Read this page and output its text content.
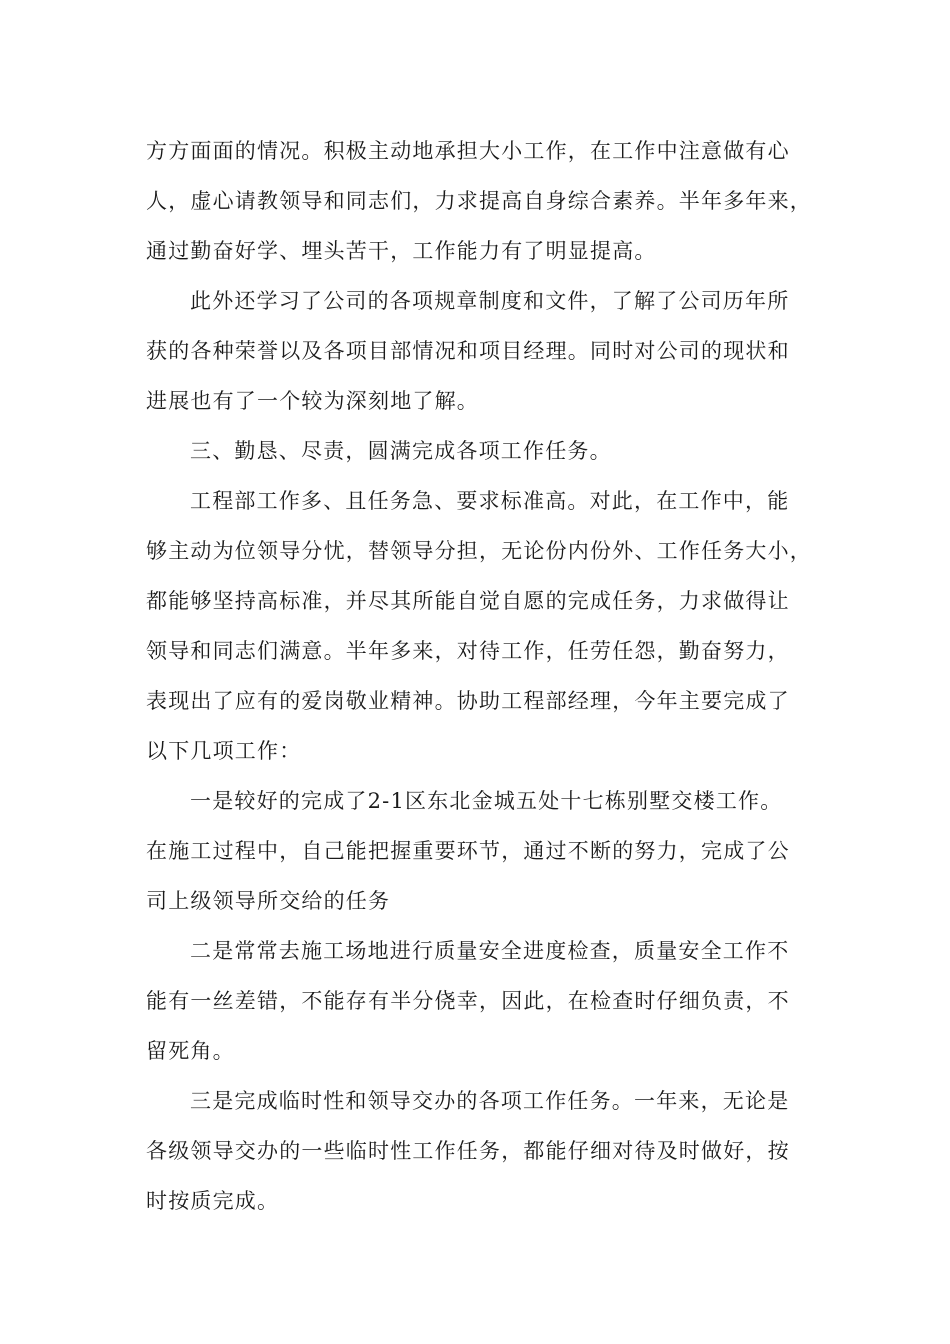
方方面面的情况。积极主动地承担大小工作，在工作中注意做有心
人，虚心请教领导和同志们，力求提高自身综合素养。半年多年来，
通过勤奋好学、埋头苦干，工作能力有了明显提高。
此外还学习了公司的各项规章制度和文件，了解了公司历年所
获的各种荣誉以及各项目部情况和项目经理。同时对公司的现状和
进展也有了一个较为深刻地了解。
三、勤恳、尽责，圆满完成各项工作任务。
工程部工作多、且任务急、要求标准高。对此，在工作中，能
够主动为位领导分忧，替领导分担，无论份内份外、工作任务大小，
都能够坚持高标准，并尽其所能自觉自愿的完成任务，力求做得让
领导和同志们满意。半年多来，对待工作，任劳任怨，勤奋努力，
表现出了应有的爱岗敬业精神。协助工程部经理，今年主要完成了
以下几项工作：
一是较好的完成了2-1区东北金城五处十七栋别墅交楼工作。
在施工过程中，自己能把握重要环节，通过不断的努力，完成了公
司上级领导所交给的任务
二是常常去施工场地进行质量安全进度检查，质量安全工作不
能有一丝差错，不能存有半分侥幸，因此，在检查时仔细负责，不
留死角。
三是完成临时性和领导交办的各项工作任务。一年来，无论是
各级领导交办的一些临时性工作任务，都能仔细对待及时做好，按
时按质完成。
